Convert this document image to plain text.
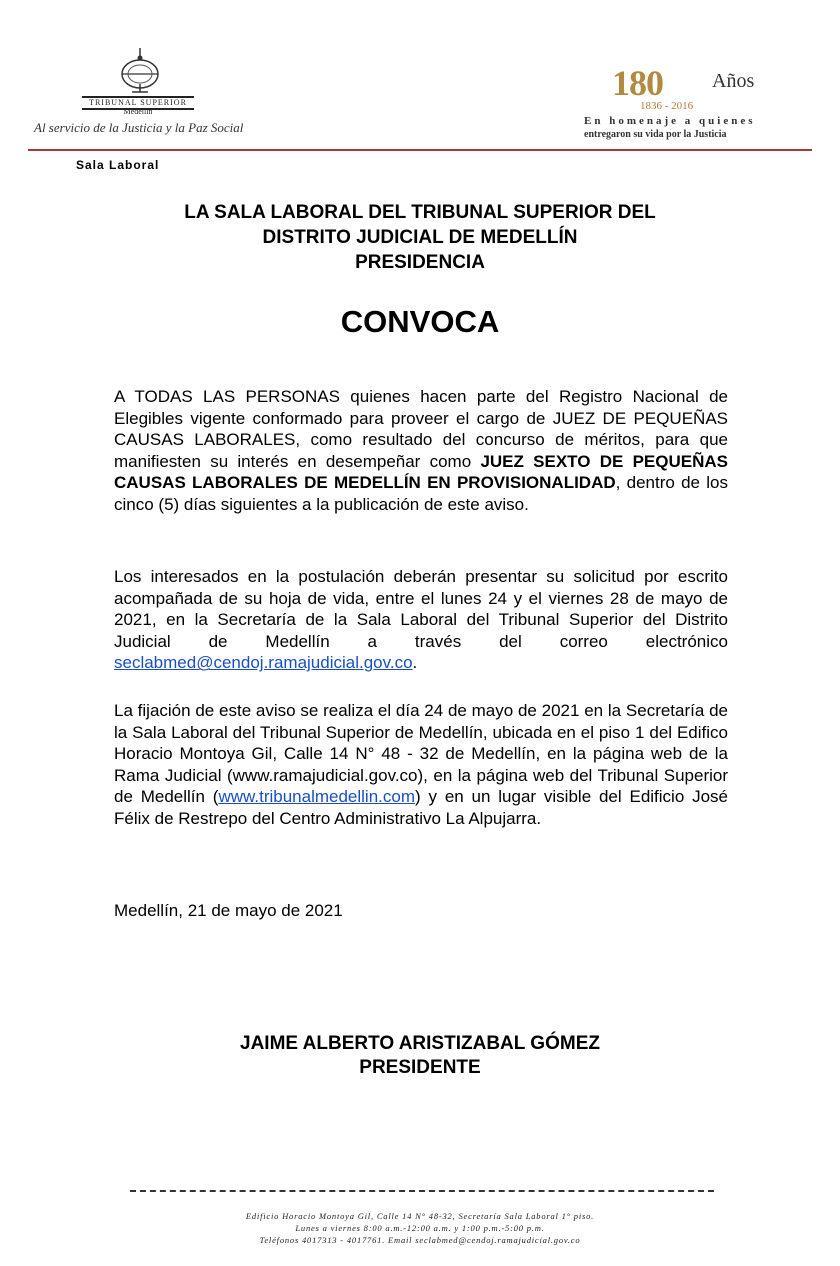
TRIBUNAL SUPERIOR
Medellín
Al servicio de la Justicia y la Paz Social
180 Años
1836 - 2016
En homenaje a quienes
entregaron su vida por la Justicia
Sala Laboral
LA SALA LABORAL DEL TRIBUNAL SUPERIOR DEL
DISTRITO JUDICIAL DE MEDELLÍN
PRESIDENCIA
CONVOCA
A TODAS LAS PERSONAS quienes hacen parte del Registro Nacional de Elegibles vigente conformado para proveer el cargo de JUEZ DE PEQUEÑAS CAUSAS LABORALES, como resultado del concurso de méritos, para que manifiesten su interés en desempeñar como JUEZ SEXTO DE PEQUEÑAS CAUSAS LABORALES DE MEDELLÍN EN PROVISIONALIDAD, dentro de los cinco (5) días siguientes a la publicación de este aviso.
Los interesados en la postulación deberán presentar su solicitud por escrito acompañada de su hoja de vida, entre el lunes 24 y el viernes 28 de mayo de 2021, en la Secretaría de la Sala Laboral del Tribunal Superior del Distrito Judicial de Medellín a través del correo electrónico seclabmed@cendoj.ramajudicial.gov.co.
La fijación de este aviso se realiza el día 24 de mayo de 2021 en la Secretaría de la Sala Laboral del Tribunal Superior de Medellín, ubicada en el piso 1 del Edifico Horacio Montoya Gil, Calle 14 N° 48 - 32 de Medellín, en la página web de la Rama Judicial (www.ramajudicial.gov.co), en la página web del Tribunal Superior de Medellín (www.tribunalmedellin.com) y en un lugar visible del Edificio José Félix de Restrepo del Centro Administrativo La Alpujarra.
Medellín, 21 de mayo de 2021
JAIME ALBERTO ARISTIZABAL GÓMEZ
PRESIDENTE
Edificio Horacio Montoya Gil, Calle 14 N° 48-32, Secretaría Sala Laboral 1° piso.
Lunes a viernes 8:00 a.m.-12:00 a.m. y 1:00 p.m.-5:00 p.m.
Teléfonos 4017313 - 4017761. Email seclabmed@cendoj.ramajudicial.gov.co
